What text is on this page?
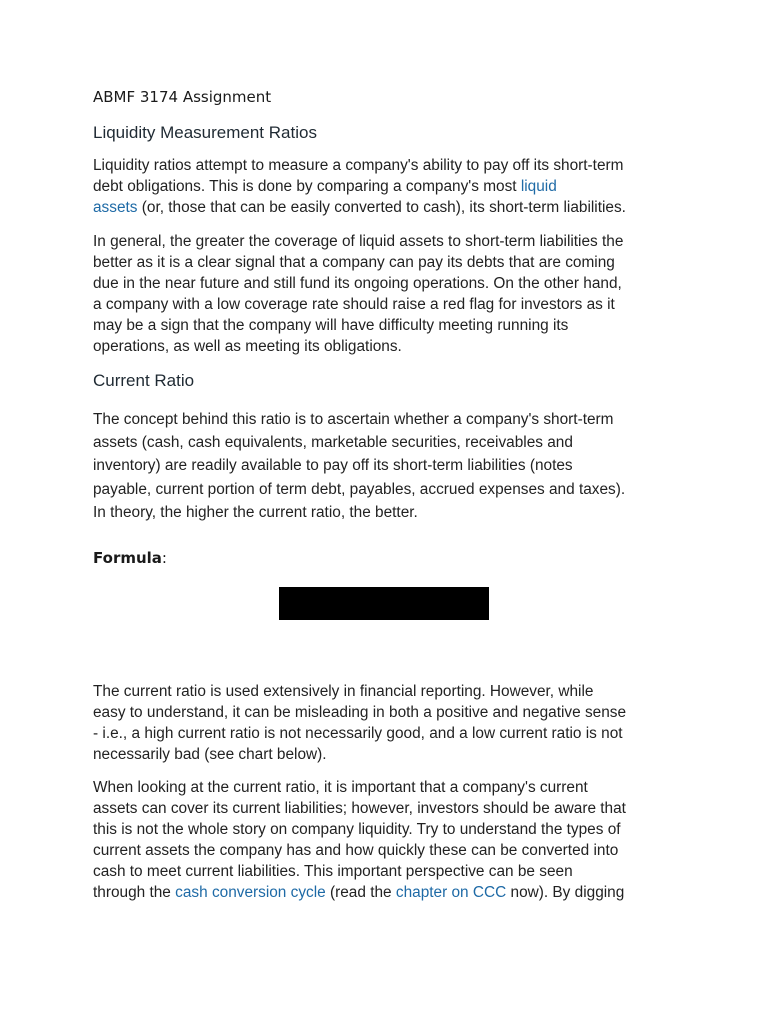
ABMF 3174 Assignment
Liquidity Measurement Ratios
Liquidity ratios attempt to measure a company's ability to pay off its short-term
debt obligations. This is done by comparing a company's most liquid
assets (or, those that can be easily converted to cash), its short-term liabilities.
In general, the greater the coverage of liquid assets to short-term liabilities the
better as it is a clear signal that a company can pay its debts that are coming
due in the near future and still fund its ongoing operations. On the other hand,
a company with a low coverage rate should raise a red flag for investors as it
may be a sign that the company will have difficulty meeting running its
operations, as well as meeting its obligations.
Current Ratio
The concept behind this ratio is to ascertain whether a company's short-term
assets (cash, cash equivalents, marketable securities, receivables and
inventory) are readily available to pay off its short-term liabilities (notes
payable, current portion of term debt, payables, accrued expenses and taxes).
In theory, the higher the current ratio, the better.
Formula:
The current ratio is used extensively in financial reporting. However, while
easy to understand, it can be misleading in both a positive and negative sense
- i.e., a high current ratio is not necessarily good, and a low current ratio is not
necessarily bad (see chart below).
When looking at the current ratio, it is important that a company's current
assets can cover its current liabilities; however, investors should be aware that
this is not the whole story on company liquidity. Try to understand the types of
current assets the company has and how quickly these can be converted into
cash to meet current liabilities. This important perspective can be seen
through the cash conversion cycle (read the chapter on CCC now). By digging
